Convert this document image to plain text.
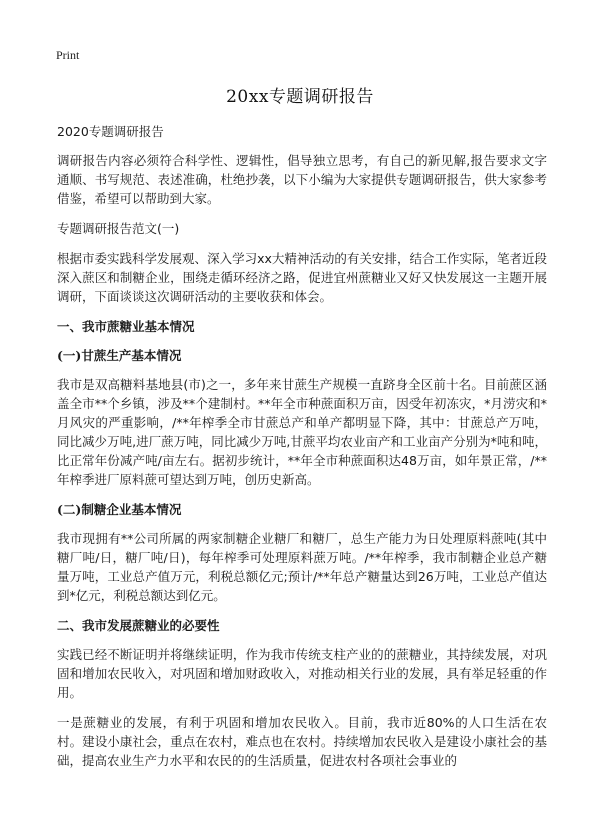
Print
20xx专题调研报告

2020专题调研报告

调研报告内容必须符合科学性、逻辑性，倡导独立思考，有自己的新见解,报告要求文字通顺、书写规范、表述准确，杜绝抄袭，以下小编为大家提供专题调研报告，供大家参考借鉴，希望可以帮助到大家。

专题调研报告范文(一)

根据市委实践科学发展观、深入学习xx大精神活动的有关安排，结合工作实际，笔者近段深入蔗区和制糖企业，围绕走循环经济之路，促进宜州蔗糖业又好又快发展这一主题开展调研，下面谈谈这次调研活动的主要收获和体会。

一、我市蔗糖业基本情况

(一)甘蔗生产基本情况

我市是双高糖料基地县(市)之一，多年来甘蔗生产规模一直跻身全区前十名。目前蔗区涵盖全市**个乡镇，涉及**个建制村。**年全市种蔗面积万亩，因受年初冻灾，*月涝灾和*月风灾的严重影响，/**年榨季全市甘蔗总产和单产都明显下降，其中：甘蔗总产万吨，同比减少万吨,进厂蔗万吨，同比减少万吨,甘蔗平均农业亩产和工业亩产分别为*吨和吨，比正常年份减产吨/亩左右。据初步统计，**年全市种蔗面积达48万亩，如年景正常，/**年榨季进厂原料蔗可望达到万吨，创历史新高。

(二)制糖企业基本情况

我市现拥有**公司所属的两家制糖企业糖厂和糖厂，总生产能力为日处理原料蔗吨(其中糖厂吨/日，糖厂吨/日)，每年榨季可处理原料蔗万吨。/**年榨季，我市制糖企业总产糖量万吨，工业总产值万元，利税总额亿元;预计/**年总产糖量达到26万吨，工业总产值达到*亿元，利税总额达到亿元。

二、我市发展蔗糖业的必要性

实践已经不断证明并将继续证明，作为我市传统支柱产业的的蔗糖业，其持续发展，对巩固和增加农民收入，对巩固和增加财政收入，对推动相关行业的发展，具有举足轻重的作用。

一是蔗糖业的发展，有利于巩固和增加农民收入。目前，我市近80%的人口生活在农村。建设小康社会，重点在农村，难点也在农村。持续增加农民收入是建设小康社会的基础，提高农业生产力水平和农民的的生活质量，促进农村各项社会事业的
